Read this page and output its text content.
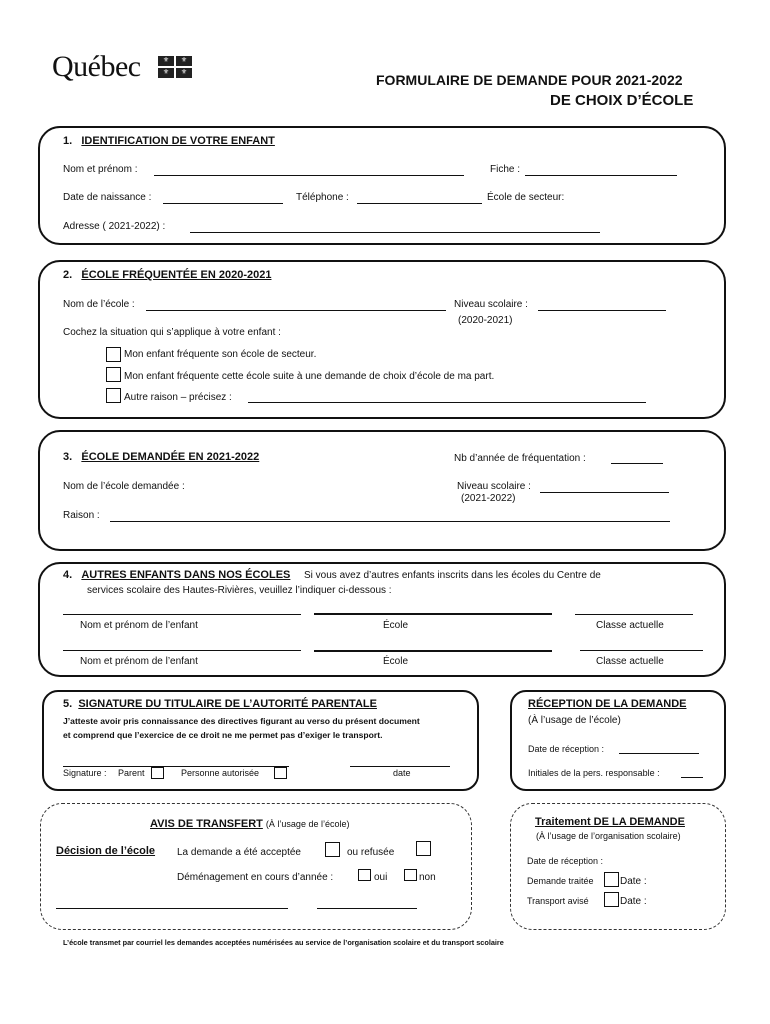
Québec	⚜	⚜
⚜	⚜	FORMULAIRE DE DEMANDE POUR 2021-2022
DE CHOIX D’ÉCOLE
1. IDENTIFICATION DE VOTRE ENFANT
Nom et prénom :	Fiche :
Date de naissance :	Téléphone :	École de secteur:
Adresse ( 2021-2022) :
2. ÉCOLE FRÉQUENTÉE EN 2020-2021
Nom de l’école :	Niveau scolaire :
(2020-2021)
Cochez la situation qui s’applique à votre enfant :
Mon enfant fréquente son école de secteur.
Mon enfant fréquente cette école suite à une demande de choix d’école de ma part.
Autre raison – précisez :
3. ÉCOLE DEMANDÉE EN 2021-2022	Nb d’année de fréquentation :
Nom de l’école demandée :	Niveau scolaire :
(2021-2022)
Raison :
4. AUTRES ENFANTS DANS NOS ÉCOLES Si vous avez d’autres enfants inscrits dans les écoles du Centre de
services scolaire des Hautes-Rivières, veuillez l’indiquer ci-dessous :
Nom et prénom de l’enfant	École	Classe actuelle
Nom et prénom de l’enfant	École	Classe actuelle
5. SIGNATURE DU TITULAIRE DE L’AUTORITÉ PARENTALE
J’atteste avoir pris connaissance des directives figurant au verso du présent document
et comprend que l’exercice de ce droit ne me permet pas d’exiger le transport.
Signature : Parent	Personne autorisée	date
RÉCEPTION DE LA DEMANDE
(À l’usage de l’école)
Date de réception :
Initiales de la pers. responsable :
AVIS DE TRANSFERT (À l’usage de l’école)
Décision de l’école La demande a été acceptée	ou refusée
Déménagement en cours d’année :	oui	non
Traitement DE LA DEMANDE
(À l’usage de l’organisation scolaire)
Date de réception :
Demande traitée	Date :
Transport avisé	Date :
L’école transmet par courriel les demandes acceptées numérisées au service de l’organisation scolaire et du transport scolaire
